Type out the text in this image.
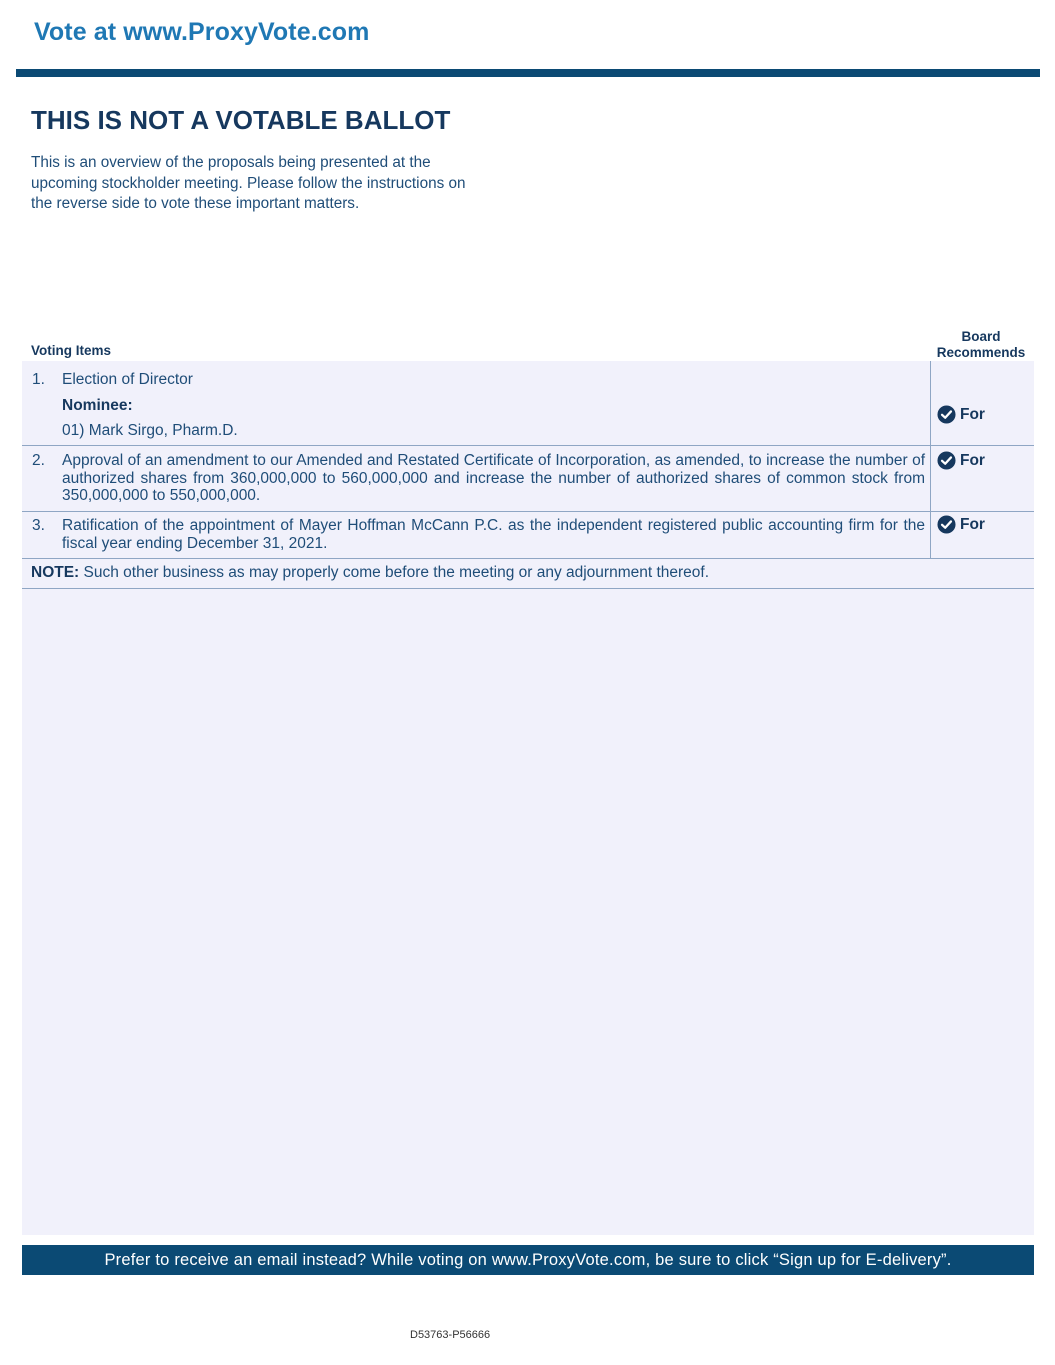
Vote at www.ProxyVote.com
THIS IS NOT A VOTABLE BALLOT
This is an overview of the proposals being presented at the
upcoming stockholder meeting. Please follow the instructions on
the reverse side to vote these important matters.
Voting Items
Board
Recommends
1. Election of Director
Nominee:
01) Mark Sirgo, Pharm.D.
For
2. Approval of an amendment to our Amended and Restated Certificate of Incorporation, as amended, to increase the number of authorized shares from 360,000,000 to 560,000,000 and increase the number of authorized shares of common stock from 350,000,000 to 550,000,000.
For
3. Ratification of the appointment of Mayer Hoffman McCann P.C. as the independent registered public accounting firm for the fiscal year ending December 31, 2021.
For
NOTE: Such other business as may properly come before the meeting or any adjournment thereof.
Prefer to receive an email instead? While voting on www.ProxyVote.com, be sure to click “Sign up for E-delivery”.
D53763-P56666
